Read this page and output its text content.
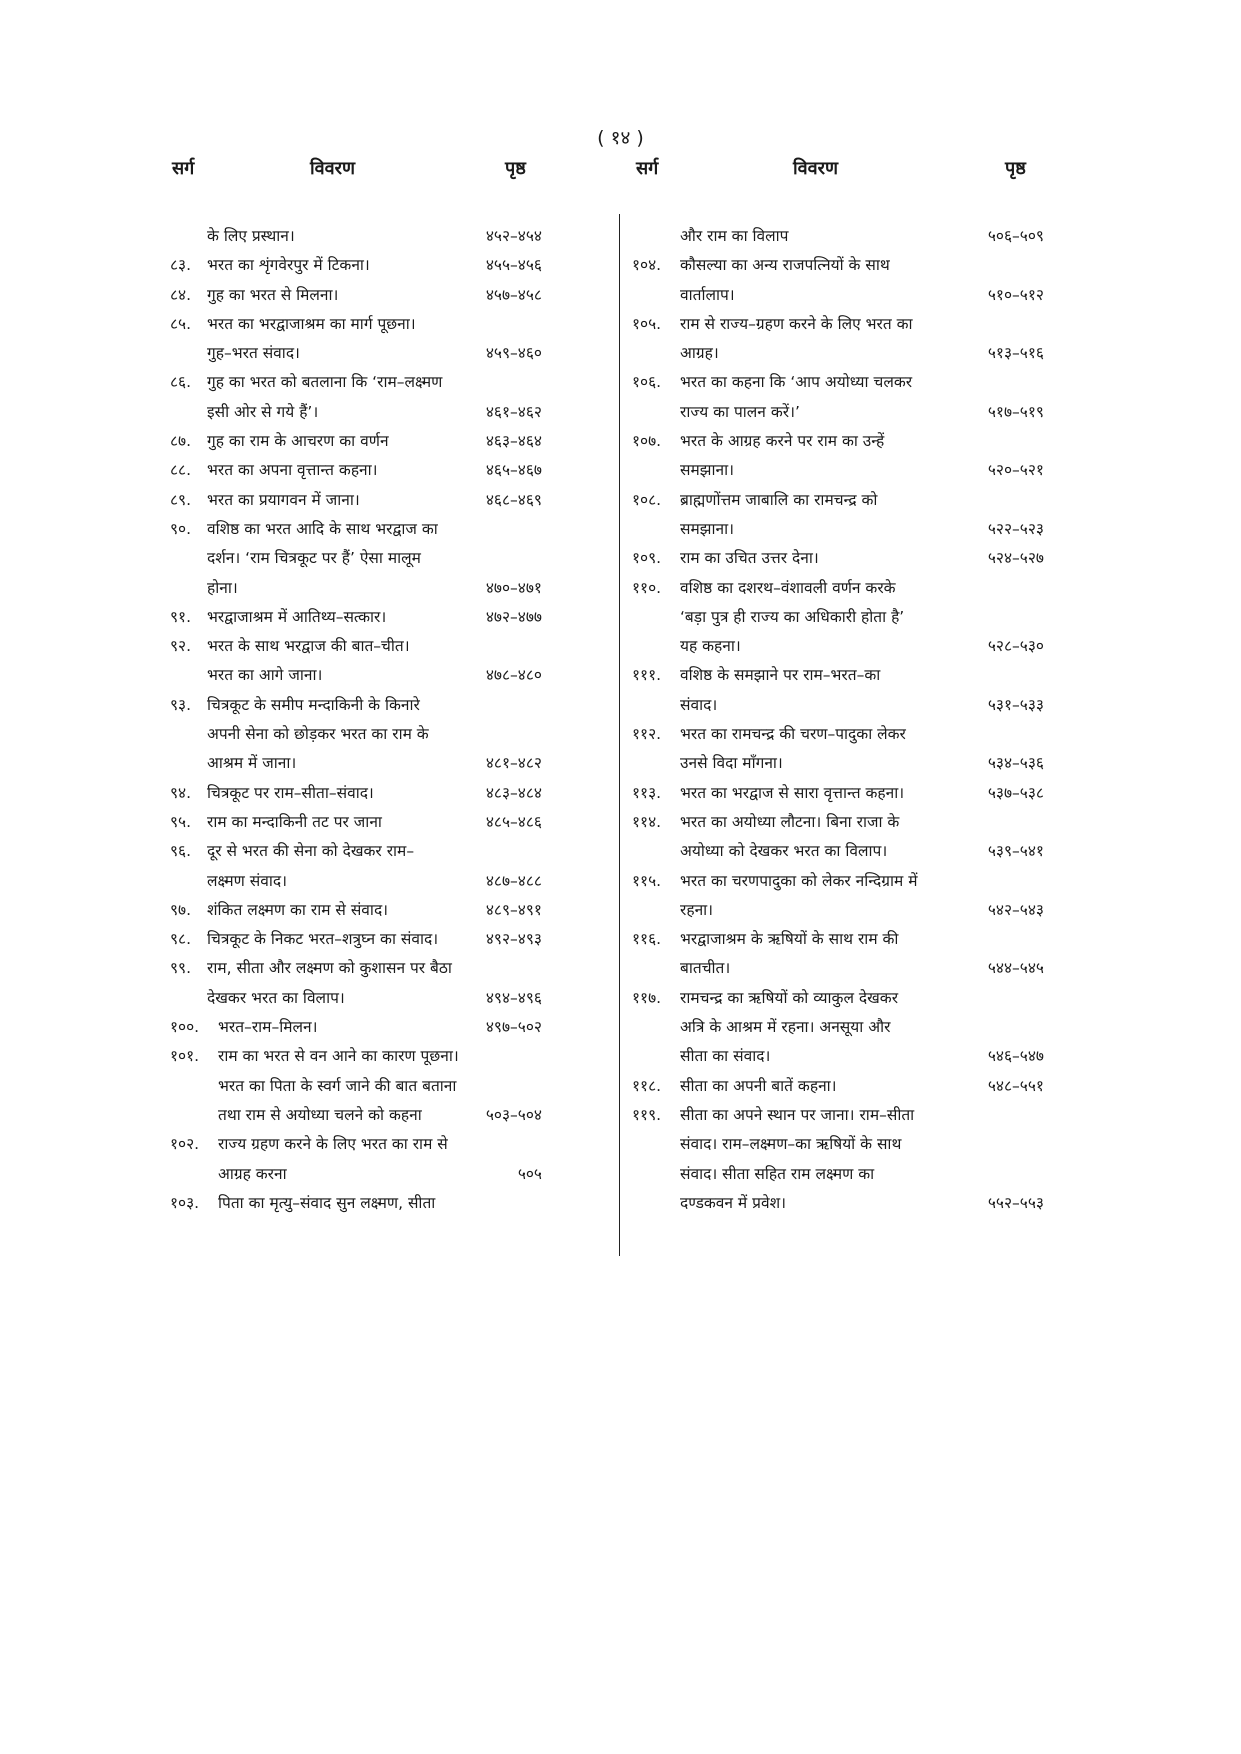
( १४ )
सर्ग	विवरण	पृष्ठ	सर्ग	विवरण	पृष्ठ
के लिए प्रस्थान।	४५२–४५४
८३. भरत का शृंगवेरपुर में टिकना।	४५५–४५६
८४. गुह का भरत से मिलना।	४५७–४५८
८५. भरत का भरद्वाजाश्रम का मार्ग पूछना।
गुह–भरत संवाद।	४५९–४६०
८६. गुह का भरत को बतलाना कि ‘राम–लक्ष्मण
इसी ओर से गये हैं’।	४६१–४६२
८७. गुह का राम के आचरण का वर्णन	४६३–४६४
८८. भरत का अपना वृत्तान्त कहना।	४६५–४६७
८९. भरत का प्रयागवन में जाना।	४६८–४६९
९०. वशिष्ठ का भरत आदि के साथ भरद्वाज का
दर्शन। ‘राम चित्रकूट पर हैं’ ऐसा मालूम
होना।	४७०–४७१
९१. भरद्वाजाश्रम में आतिथ्य–सत्कार।	४७२–४७७
९२. भरत के साथ भरद्वाज की बात–चीत।
भरत का आगे जाना।	४७८–४८०
९३. चित्रकूट के समीप मन्दाकिनी के किनारे
अपनी सेना को छोड़कर भरत का राम के
आश्रम में जाना।	४८१–४८२
९४. चित्रकूट पर राम–सीता–संवाद।	४८३–४८४
९५. राम का मन्दाकिनी तट पर जाना	४८५–४८६
९६. दूर से भरत की सेना को देखकर राम–
लक्ष्मण संवाद।	४८७–४८८
९७. शंकित लक्ष्मण का राम से संवाद।	४८९–४९१
९८. चित्रकूट के निकट भरत–शत्रुघ्न का संवाद।	४९२–४९३
९९. राम, सीता और लक्ष्मण को कुशासन पर बैठा
देखकर भरत का विलाप।	४९४–४९६
१००. भरत–राम–मिलन।	४९७–५०२
१०१. राम का भरत से वन आने का कारण पूछना।
भरत का पिता के स्वर्ग जाने की बात बताना
तथा राम से अयोध्या चलने को कहना	५०३–५०४
१०२. राज्य ग्रहण करने के लिए भरत का राम से
आग्रह करना	५०५
१०३. पिता का मृत्यु–संवाद सुन लक्ष्मण, सीता
और राम का विलाप	५०६–५०९
१०४. कौसल्या का अन्य राजपत्नियों के साथ
वार्तालाप।	५१०–५१२
१०५. राम से राज्य–ग्रहण करने के लिए भरत का
आग्रह।	५१३–५१६
१०६. भरत का कहना कि ‘आप अयोध्या चलकर
राज्य का पालन करें।’	५१७–५१९
१०७. भरत के आग्रह करने पर राम का उन्हें
समझाना।	५२०–५२१
१०८. ब्राह्मणोंत्तम जाबालि का रामचन्द्र को
समझाना।	५२२–५२३
१०९. राम का उचित उत्तर देना।	५२४–५२७
११०. वशिष्ठ का दशरथ–वंशावली वर्णन करके
‘बड़ा पुत्र ही राज्य का अधिकारी होता है’
यह कहना।	५२८–५३०
१११. वशिष्ठ के समझाने पर राम–भरत–का
संवाद।	५३१–५३३
११२. भरत का रामचन्द्र की चरण–पादुका लेकर
उनसे विदा माँगना।	५३४–५३६
११३. भरत का भरद्वाज से सारा वृत्तान्त कहना।	५३७–५३८
११४. भरत का अयोध्या लौटना। बिना राजा के
अयोध्या को देखकर भरत का विलाप।	५३९–५४१
११५. भरत का चरणपादुका को लेकर नन्दिग्राम में
रहना।	५४२–५४३
११६. भरद्वाजाश्रम के ऋषियों के साथ राम की
बातचीत।	५४४–५४५
११७. रामचन्द्र का ऋषियों को व्याकुल देखकर
अत्रि के आश्रम में रहना। अनसूया और
सीता का संवाद।	५४६–५४७
११८. सीता का अपनी बातें कहना।	५४८–५५१
११९. सीता का अपने स्थान पर जाना। राम–सीता
संवाद। राम–लक्ष्मण–का ऋषियों के साथ
संवाद। सीता सहित राम लक्ष्मण का
दण्डकवन में प्रवेश।	५५२–५५३
